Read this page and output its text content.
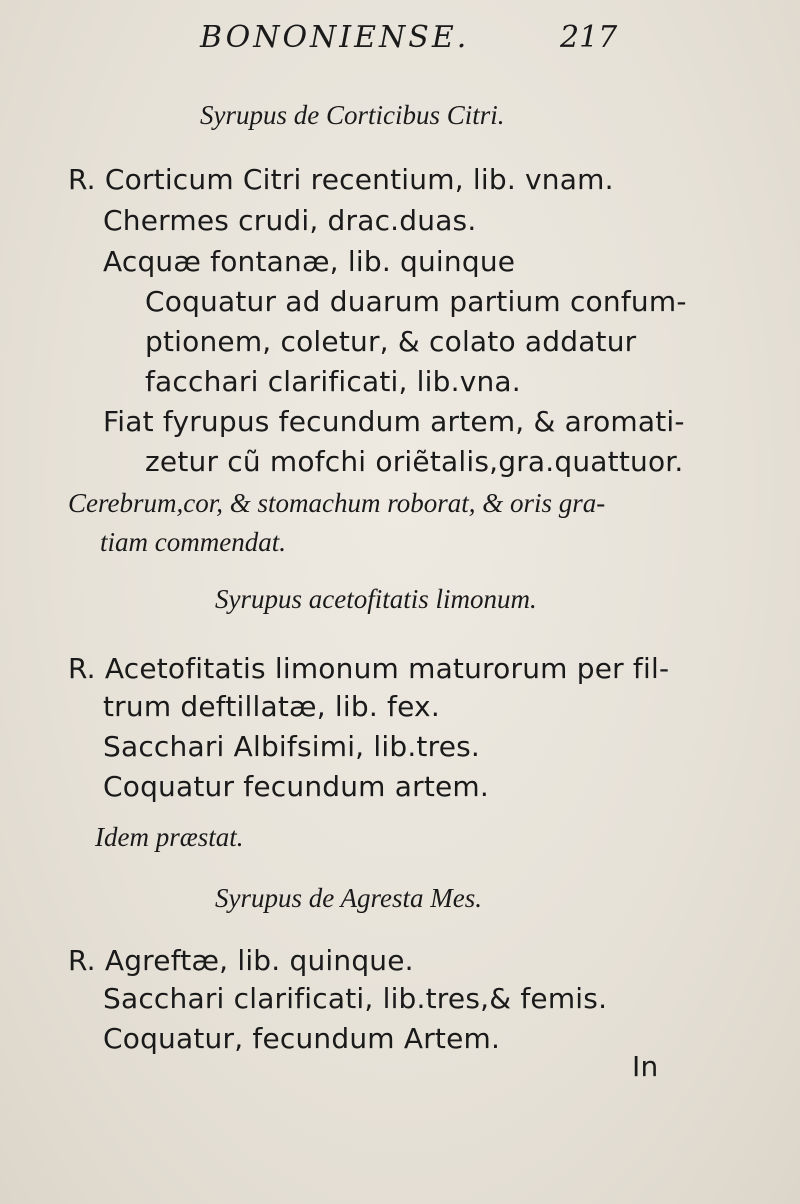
BONONIENSE.	217
Syrupus de Corticibus Citri.
R. Corticum Citri recentium, lib. vnam.
Chermes crudi, drac.duas.
Acquæ fontanæ, lib. quinque
Coquatur ad duarum partium confum-
ptionem, coletur, & colato addatur
facchari clarificati, lib.vna.
Fiat fyrupus fecundum artem, & aromati-
zetur cũ mofchi oriẽtalis,gra.quattuor.
Cerebrum,cor, & stomachum roborat, & oris gra-
tiam commendat.
Syrupus acetofitatis limonum.
R. Acetofitatis limonum maturorum per fil-
trum deftillatæ, lib. fex.
Sacchari Albifsimi, lib.tres.
Coquatur fecundum artem.
Idem præstat.
Syrupus de Agresta Mes.
R. Agreftæ, lib. quinque.
Sacchari clarificati, lib.tres,& femis.
Coquatur, fecundum Artem.
In
